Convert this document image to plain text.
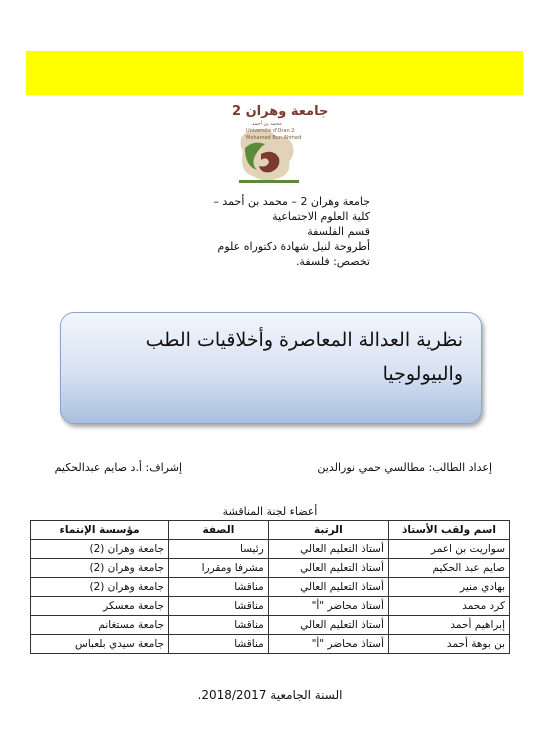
جامعة وهران 2
محمد بن أحمد
Université d'Oran 2
Mohamed Ben Ahmed
جامعة وهران 2 – محمد بن أحمد –
كلية العلوم الاجتماعية
قسم الفلسفة
أطروحة لنيل شهادة دكتوراه علوم
تخصص: فلسفة.
نظرية العدالة المعاصرة وأخلاقيات الطب والبيولوجيا
إعداد الطالب: مطالسي حمي نورالدين
إشراف: أ.د صايم عبدالحكيم
أعضاء لجنة المناقشة
اسم ولقب الأستاذ	الرتبة	الصفة	مؤسسة الإنتماء
سواريت بن اعمر	أستاذ التعليم العالي	رئيسا	جامعة وهران (2)
صايم عبد الحكيم	أستاذ التعليم العالي	مشرفا ومقررا	جامعة وهران (2)
بهادي منير	أستاذ التعليم العالي	مناقشا	جامعة وهران (2)
كرد محمد	أستاذ محاضر "أ"	مناقشا	جامعة معسكر
إبراهيم أحمد	أستاذ التعليم العالي	مناقشا	جامعة مستغانم
بن بوهة أحمد	أستاذ محاضر "أ"	مناقشا	جامعة سيدي بلعباس
السنة الجامعية 2018/2017.
